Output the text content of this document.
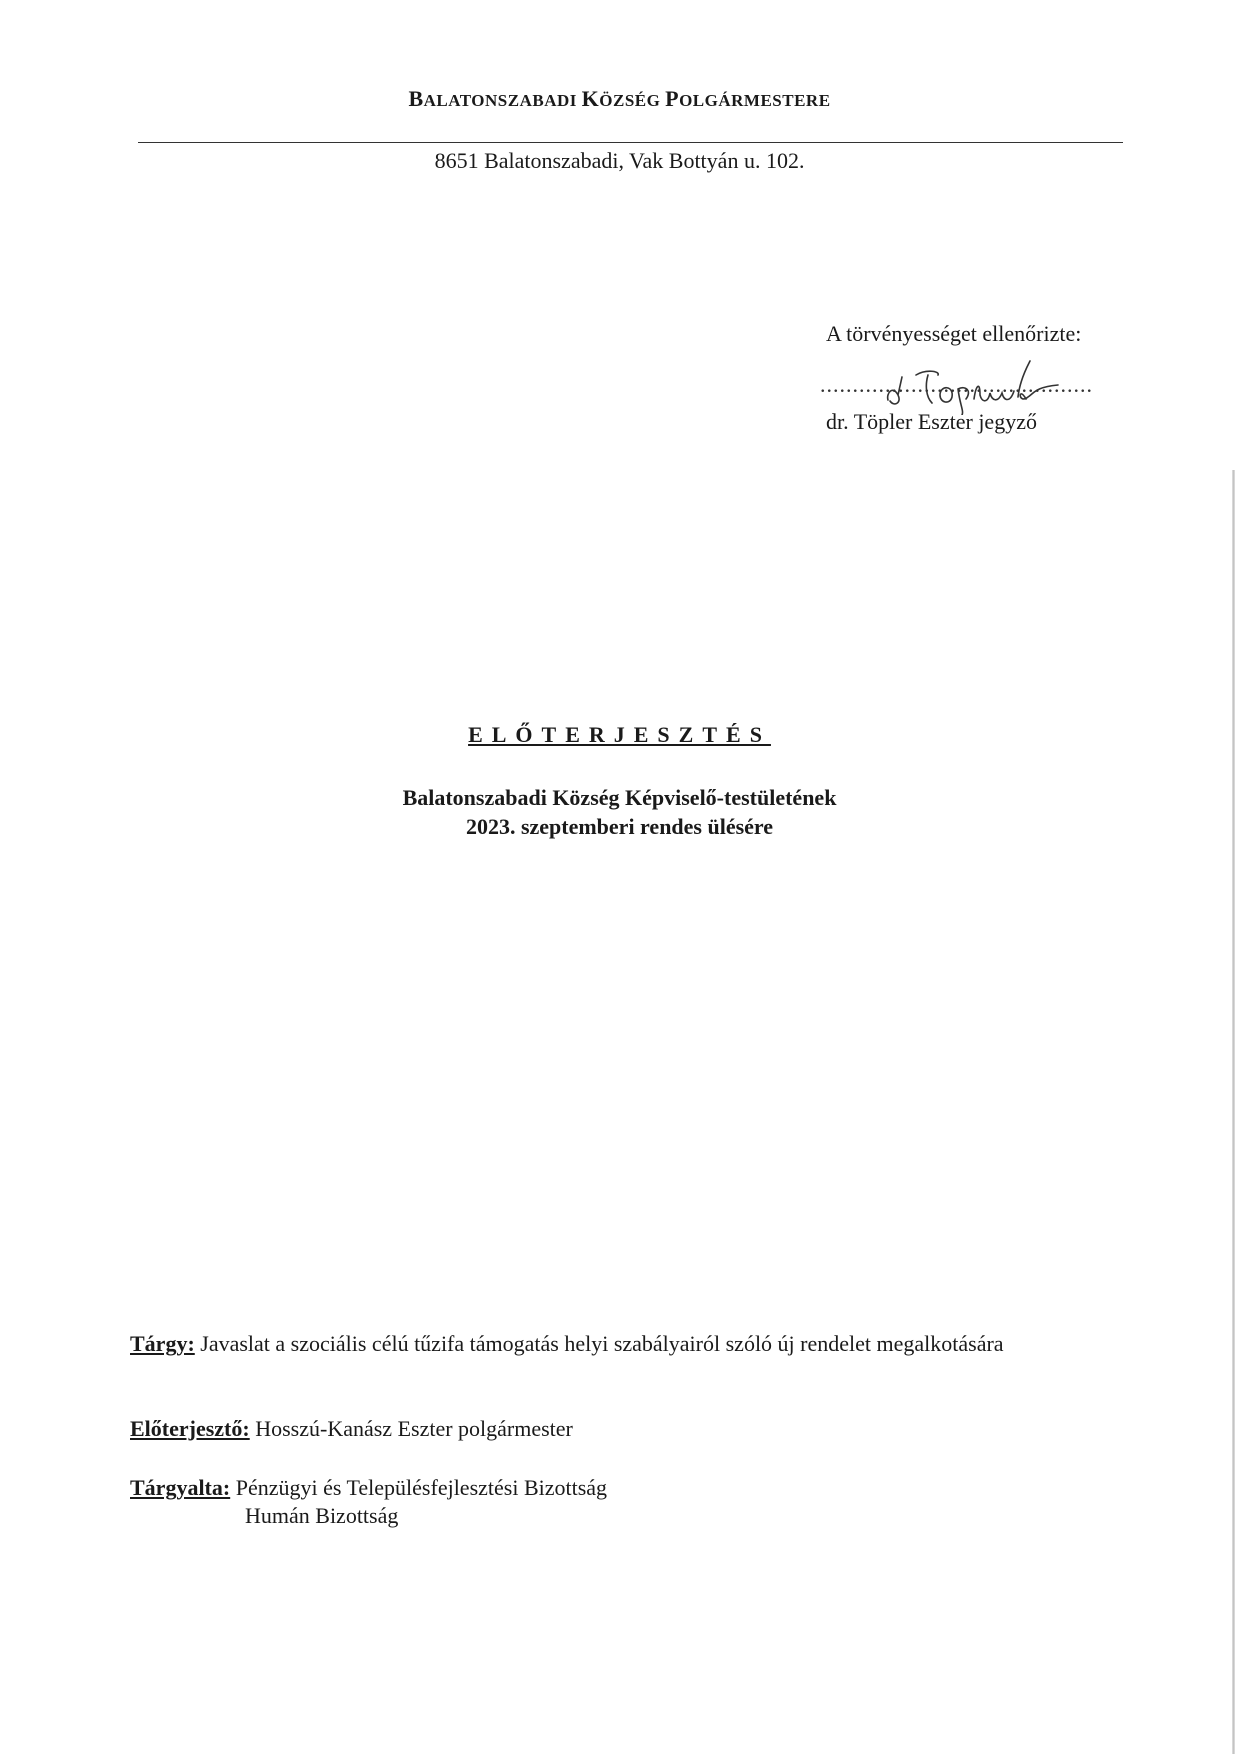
BALATONSZABADI KÖZSÉG POLGÁRMESTERE
8651 Balatonszabadi, Vak Bottyán u. 102.
A törvényességet ellenőrizte:
..........................................
dr. Töpler Eszter jegyző
ELŐTERJESZTÉS
Balatonszabadi Község Képviselő-testületének
2023. szeptemberi rendes ülésére
Tárgy: Javaslat a szociális célú tűzifa támogatás helyi szabályairól szóló új rendelet megalkotására
Előterjesztő: Hosszú-Kanász Eszter polgármester
Tárgyalta: Pénzügyi és Településfejlesztési Bizottság
Humán Bizottság
